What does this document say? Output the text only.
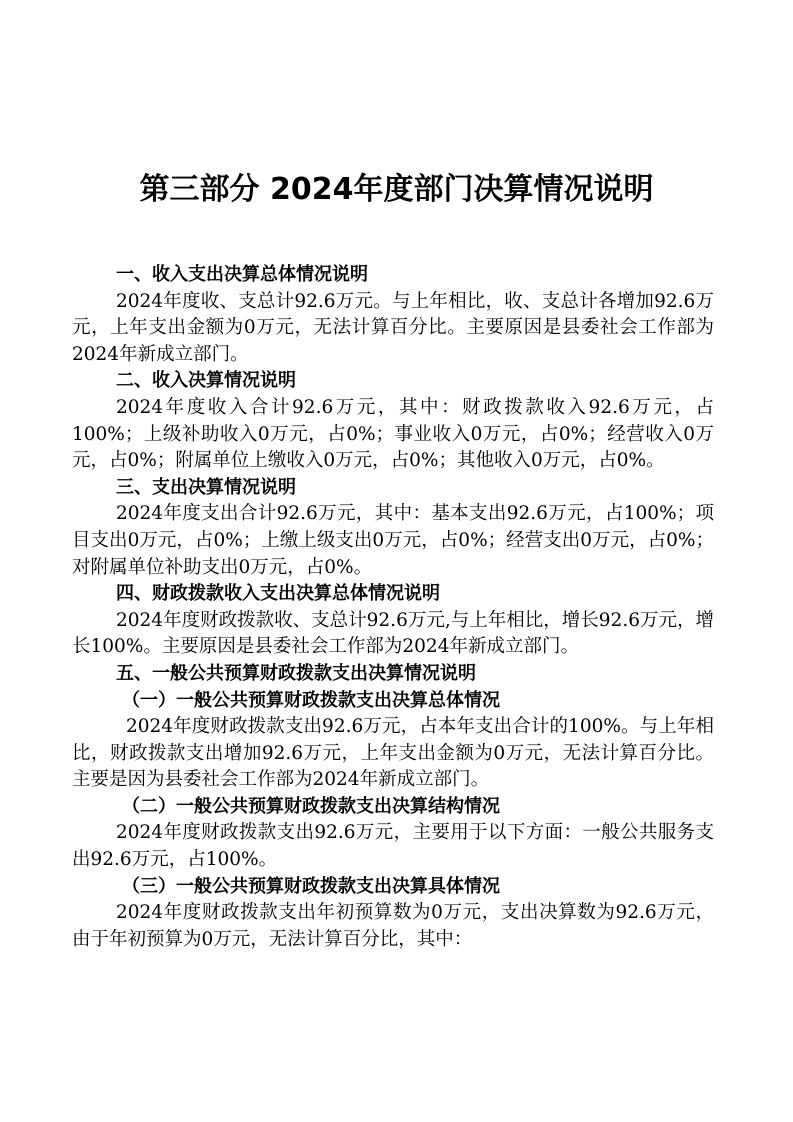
第三部分 2024年度部门决算情况说明

一、收入支出决算总体情况说明

2024年度收、支总计92.6万元。与上年相比，收、支总计各增加92.6万元，上年支出金额为0万元，无法计算百分比。主要原因是县委社会工作部为2024年新成立部门。

二、收入决算情况说明

2024年度收入合计92.6万元，其中：财政拨款收入92.6万元，占100%；上级补助收入0万元，占0%；事业收入0万元，占0%；经营收入0万元，占0%；附属单位上缴收入0万元，占0%；其他收入0万元，占0%。

三、支出决算情况说明

2024年度支出合计92.6万元，其中：基本支出92.6万元，占100%；项目支出0万元，占0%；上缴上级支出0万元，占0%；经营支出0万元，占0%；对附属单位补助支出0万元，占0%。

四、财政拨款收入支出决算总体情况说明

2024年度财政拨款收、支总计92.6万元,与上年相比，增长92.6万元，增长100%。主要原因是县委社会工作部为2024年新成立部门。

五、一般公共预算财政拨款支出决算情况说明

（一）一般公共预算财政拨款支出决算总体情况

2024年度财政拨款支出92.6万元，占本年支出合计的100%。与上年相比，财政拨款支出增加92.6万元，上年支出金额为0万元，无法计算百分比。主要是因为县委社会工作部为2024年新成立部门。

（二）一般公共预算财政拨款支出决算结构情况

2024年度财政拨款支出92.6万元，主要用于以下方面：一般公共服务支出92.6万元，占100%。

（三）一般公共预算财政拨款支出决算具体情况

2024年度财政拨款支出年初预算数为0万元，支出决算数为92.6万元，由于年初预算为0万元，无法计算百分比，其中：
